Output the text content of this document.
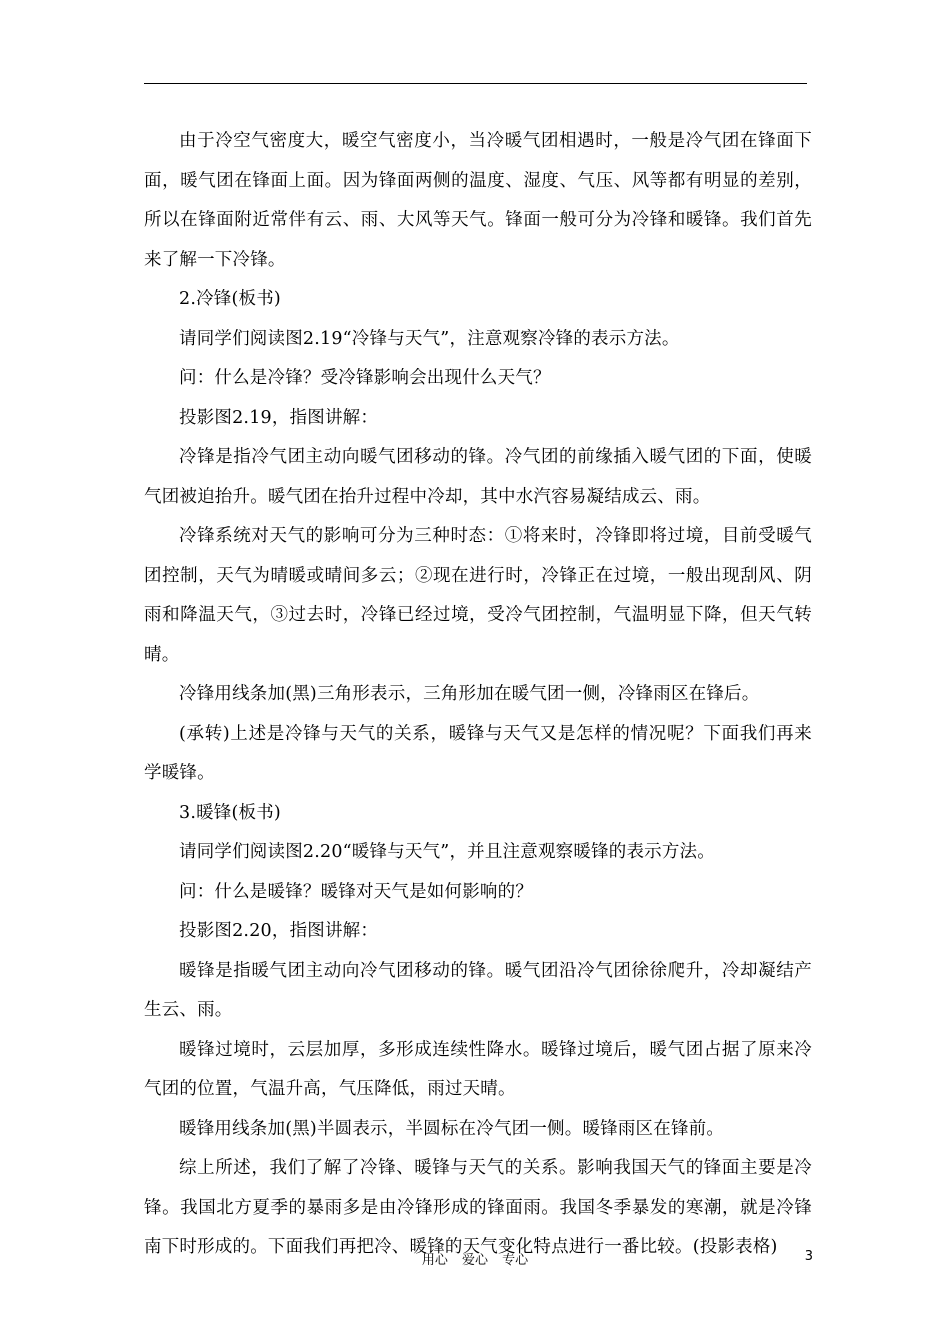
由于冷空气密度大，暖空气密度小，当冷暖气团相遇时，一般是冷气团在锋面下面，暖气团在锋面上面。因为锋面两侧的温度、湿度、气压、风等都有明显的差别，所以在锋面附近常伴有云、雨、大风等天气。锋面一般可分为冷锋和暖锋。我们首先来了解一下冷锋。

2.冷锋(板书)

请同学们阅读图2.19“冷锋与天气”，注意观察冷锋的表示方法。

问：什么是冷锋？受冷锋影响会出现什么天气？

投影图2.19，指图讲解：

冷锋是指冷气团主动向暖气团移动的锋。冷气团的前缘插入暖气团的下面，使暖气团被迫抬升。暖气团在抬升过程中冷却，其中水汽容易凝结成云、雨。

冷锋系统对天气的影响可分为三种时态：①将来时，冷锋即将过境，目前受暖气团控制，天气为晴暖或晴间多云；②现在进行时，冷锋正在过境，一般出现刮风、阴雨和降温天气，③过去时，冷锋已经过境，受冷气团控制，气温明显下降，但天气转晴。

冷锋用线条加(黑)三角形表示，三角形加在暖气团一侧，冷锋雨区在锋后。

(承转)上述是冷锋与天气的关系，暖锋与天气又是怎样的情况呢？下面我们再来学暖锋。

3.暖锋(板书)

请同学们阅读图2.20“暖锋与天气”，并且注意观察暖锋的表示方法。

问：什么是暖锋？暖锋对天气是如何影响的？

投影图2.20，指图讲解：

暖锋是指暖气团主动向冷气团移动的锋。暖气团沿冷气团徐徐爬升，冷却凝结产生云、雨。

暖锋过境时，云层加厚，多形成连续性降水。暖锋过境后，暖气团占据了原来冷气团的位置，气温升高，气压降低，雨过天晴。

暖锋用线条加(黑)半圆表示，半圆标在冷气团一侧。暖锋雨区在锋前。

综上所述，我们了解了冷锋、暖锋与天气的关系。影响我国天气的锋面主要是冷锋。我国北方夏季的暴雨多是由冷锋形成的锋面雨。我国冬季暴发的寒潮，就是冷锋南下时形成的。下面我们再把冷、暖锋的天气变化特点进行一番比较。(投影表格)

用心 爱心 专心	3
